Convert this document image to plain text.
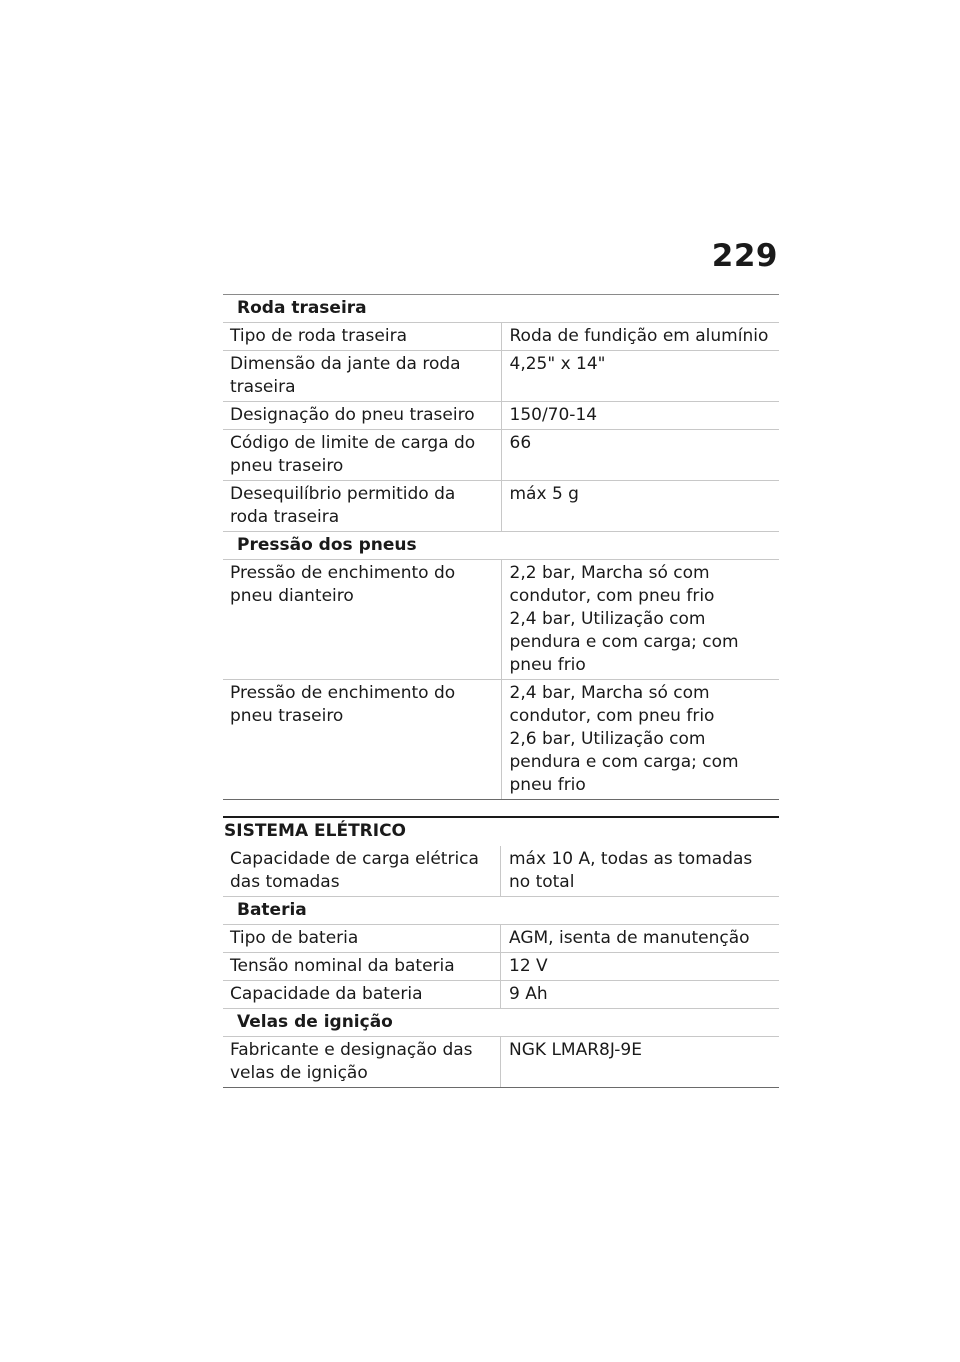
229
Roda traseira	
Tipo de roda traseira	Roda de fundição em alumínio

Dimensão da jante da roda traseira	4,25" x 14"

Designação do pneu traseiro	150/70-14

Código de limite de carga do pneu traseiro	66

Desequilíbrio permitido da roda traseira	máx 5 g

Pressão dos pneus	
Pressão de enchimento do pneu dianteiro	2,2 bar, Marcha só com condutor, com pneu frio
2,4 bar, Utilização com pendura e com carga; com pneu frio

Pressão de enchimento do pneu traseiro	2,4 bar, Marcha só com condutor, com pneu frio
2,6 bar, Utilização com pendura e com carga; com pneu frio
SISTEMA ELÉTRICO
Capacidade de carga elétrica das tomadas	máx 10 A, todas as tomadas no total

Bateria	
Tipo de bateria	AGM, isenta de manutenção

Tensão nominal da bateria	12 V

Capacidade da bateria	9 Ah

Velas de ignição	
Fabricante e designação das velas de ignição	NGK LMAR8J-9E
